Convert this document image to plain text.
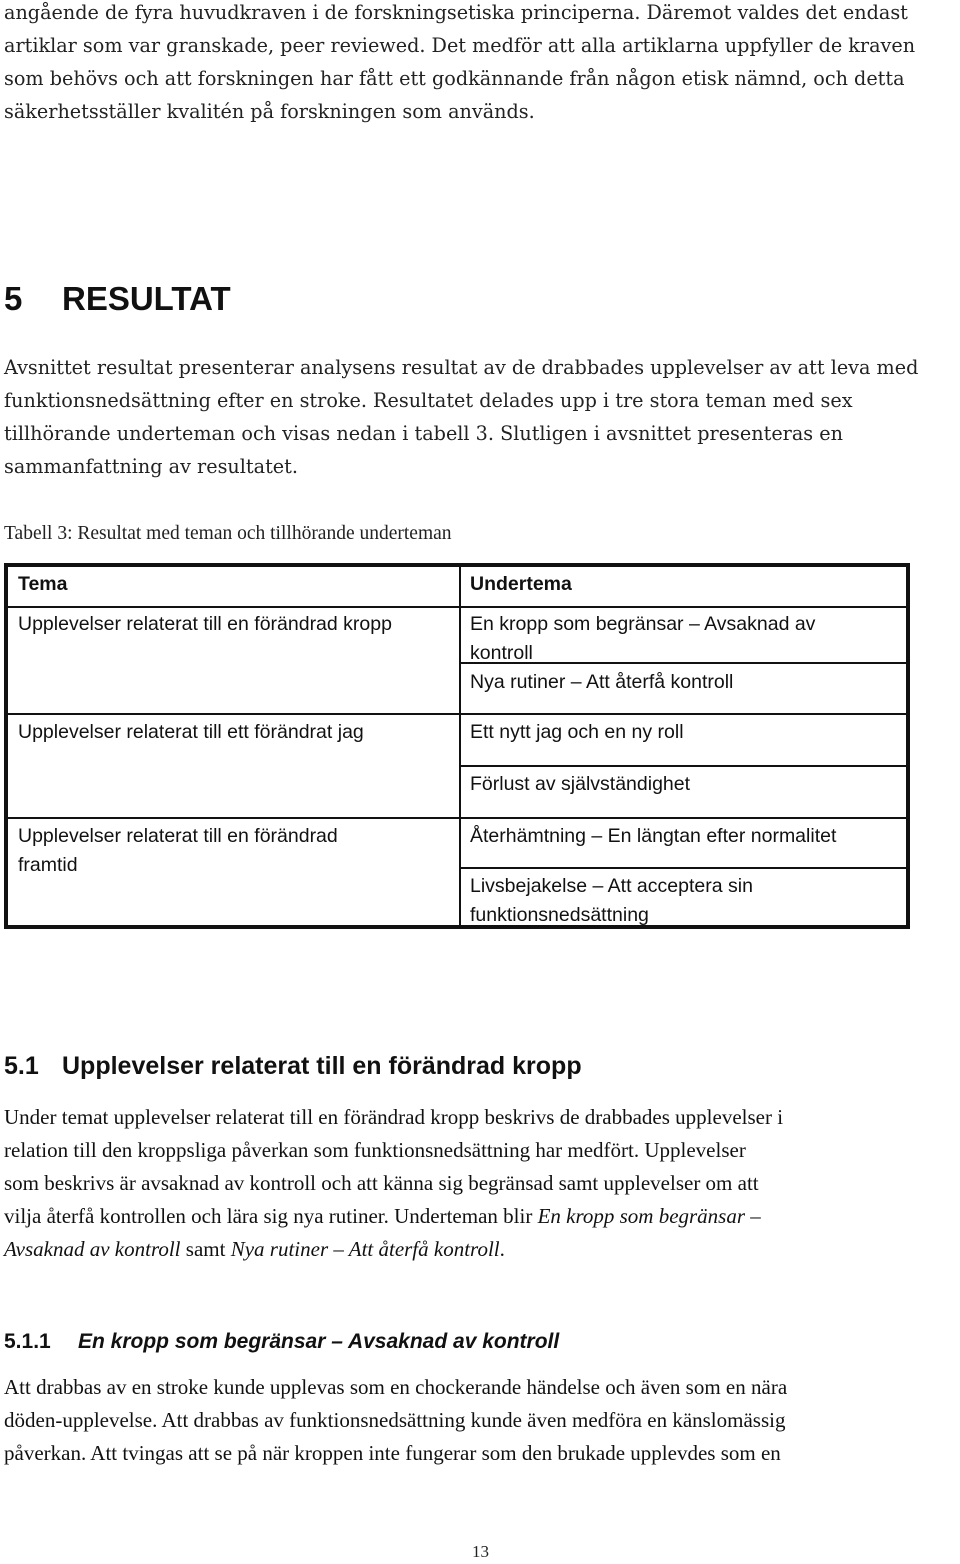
angående de fyra huvudkraven i de forskningsetiska principerna. Däremot valdes det endast
artiklar som var granskade, peer reviewed. Det medför att alla artiklarna uppfyller de kraven
som behövs och att forskningen har fått ett godkännande från någon etisk nämnd, och detta
säkerhetsställer kvalitén på forskningen som används.
5 RESULTAT
Avsnittet resultat presenterar analysens resultat av de drabbades upplevelser av att leva med
funktionsnedsättning efter en stroke. Resultatet delades upp i tre stora teman med sex
tillhörande underteman och visas nedan i tabell 3. Slutligen i avsnittet presenteras en
sammanfattning av resultatet.
Tabell 3: Resultat med teman och tillhörande underteman
Tema	Undertema
Upplevelser relaterat till en förändrad kropp
Upplevelser relaterat till ett förändrat jag
Upplevelser relaterat till en förändrad
framtid
En kropp som begränsar – Avsaknad av
kontroll
Nya rutiner – Att återfå kontroll
Ett nytt jag och en ny roll
Förlust av självständighet
Återhämtning – En längtan efter normalitet
Livsbejakelse – Att acceptera sin
funktionsnedsättning
5.1 Upplevelser relaterat till en förändrad kropp
Under temat upplevelser relaterat till en förändrad kropp beskrivs de drabbades upplevelser i
relation till den kroppsliga påverkan som funktionsnedsättning har medfört. Upplevelser
som beskrivs är avsaknad av kontroll och att känna sig begränsad samt upplevelser om att
vilja återfå kontrollen och lära sig nya rutiner. Underteman blir En kropp som begränsar –
Avsaknad av kontroll samt Nya rutiner – Att återfå kontroll.
5.1.1 En kropp som begränsar – Avsaknad av kontroll
Att drabbas av en stroke kunde upplevas som en chockerande händelse och även som en nära
döden-upplevelse. Att drabbas av funktionsnedsättning kunde även medföra en känslomässig
påverkan. Att tvingas att se på när kroppen inte fungerar som den brukade upplevdes som en
13
